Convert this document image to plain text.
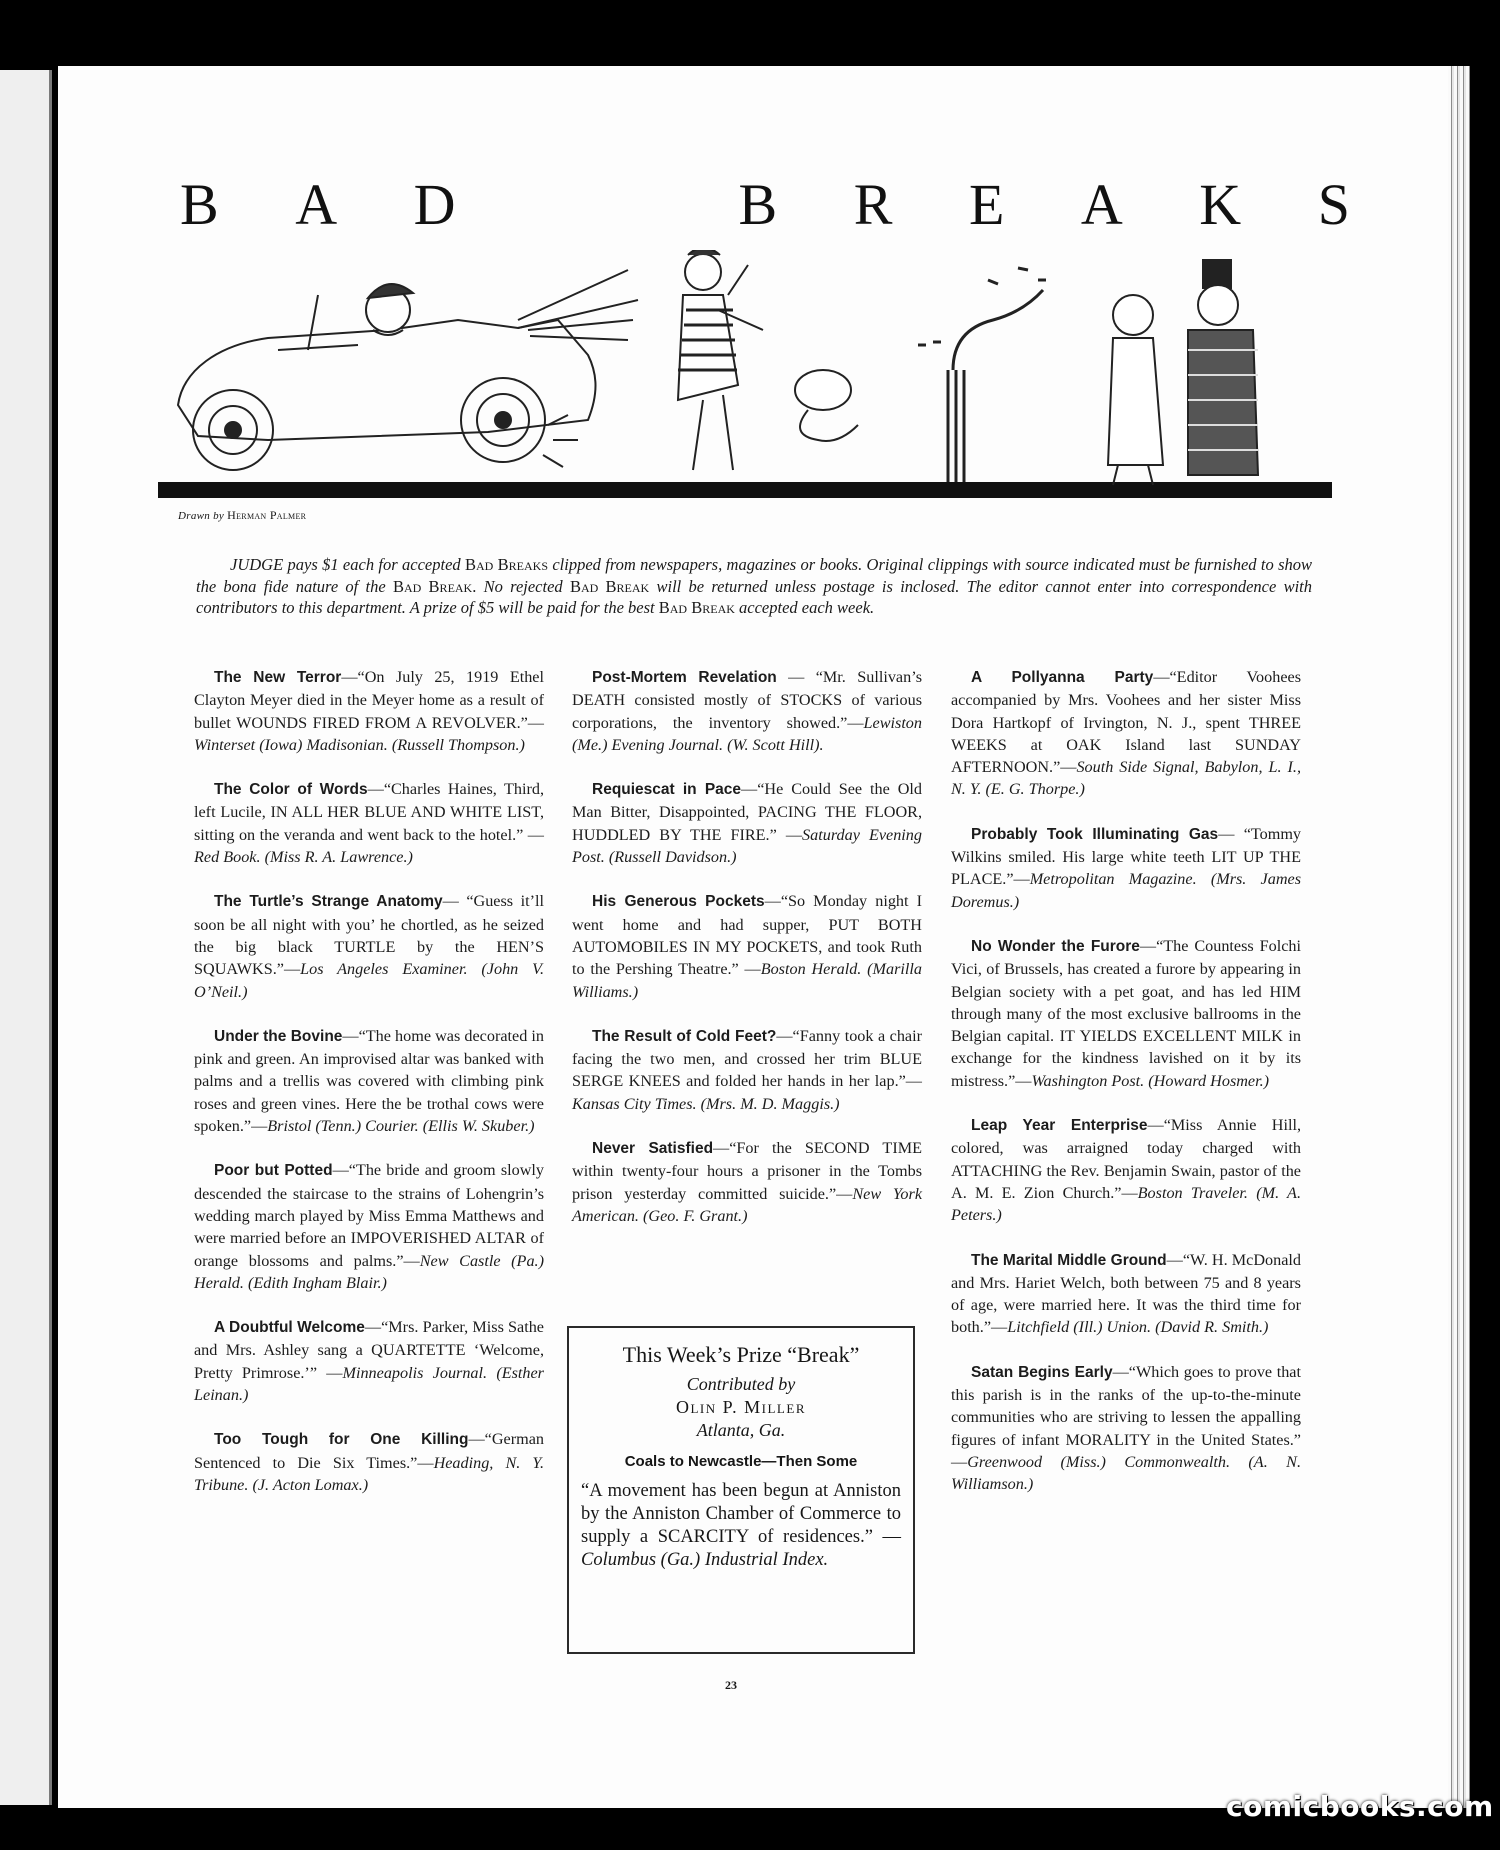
B A D	B R E A K S
Drawn by Herman Palmer

JUDGE pays $1 each for accepted Bad Breaks clipped from newspapers, magazines or books. Original clippings with source indicated must be furnished to show the bona fide nature of the Bad Break. No rejected Bad Break will be returned unless postage is inclosed. The editor cannot enter into correspondence with contributors to this department. A prize of $5 will be paid for the best Bad Break accepted each week.

The New Terror—“On July 25, 1919 Ethel Clayton Meyer died in the Meyer home as a result of bullet WOUNDS FIRED FROM A REVOLVER.”—Winterset (Iowa) Madisonian. (Russell Thompson.)
The Color of Words—“Charles Haines, Third, left Lucile, IN ALL HER BLUE AND WHITE LIST, sitting on the veranda and went back to the hotel.” —Red Book. (Miss R. A. Lawrence.)
The Turtle’s Strange Anatomy— “Guess it’ll soon be all night with you’ he chortled, as he seized the big black TURTLE by the HEN’S SQUAWKS.”—Los Angeles Examiner. (John V. O’Neil.)
Under the Bovine—“The home was decorated in pink and green. An improvised altar was banked with palms and a trellis was covered with climbing pink roses and green vines. Here the be trothal cows were spoken.”—Bristol (Tenn.) Courier. (Ellis W. Skuber.)
Poor but Potted—“The bride and groom slowly descended the staircase to the strains of Lohengrin’s wedding march played by Miss Emma Matthews and were married before an IMPOVERISHED ALTAR of orange blossoms and palms.”—New Castle (Pa.) Herald. (Edith Ingham Blair.)
A Doubtful Welcome—“Mrs. Parker, Miss Sathe and Mrs. Ashley sang a QUARTETTE ‘Welcome, Pretty Primrose.’” —Minneapolis Journal. (Esther Leinan.)
Too Tough for One Killing—“German Sentenced to Die Six Times.”—Heading, N. Y. Tribune. (J. Acton Lomax.)
Post-Mortem Revelation — “Mr. Sullivan’s DEATH consisted mostly of STOCKS of various corporations, the inventory showed.”—Lewiston (Me.) Evening Journal. (W. Scott Hill).
Requiescat in Pace—“He Could See the Old Man Bitter, Disappointed, PACING THE FLOOR, HUDDLED BY THE FIRE.” —Saturday Evening Post. (Russell Davidson.)
His Generous Pockets—“So Monday night I went home and had supper, PUT BOTH AUTOMOBILES IN MY POCKETS, and took Ruth to the Pershing Theatre.” —Boston Herald. (Marilla Williams.)
The Result of Cold Feet?—“Fanny took a chair facing the two men, and crossed her trim BLUE SERGE KNEES and folded her hands in her lap.”—Kansas City Times. (Mrs. M. D. Maggis.)
Never Satisfied—“For the SECOND TIME within twenty-four hours a prisoner in the Tombs prison yesterday committed suicide.”—New York American. (Geo. F. Grant.)
This Week’s Prize “Break”
Contributed by
Olin P. Miller
Atlanta, Ga.
Coals to Newcastle—Then Some
“A movement has been begun at Anniston by the Anniston Chamber of Commerce to supply a SCARCITY of residences.” —Columbus (Ga.) Industrial Index.
A Pollyanna Party—“Editor Voohees accompanied by Mrs. Voohees and her sister Miss Dora Hartkopf of Irvington, N. J., spent THREE WEEKS at OAK Island last SUNDAY AFTERNOON.”—South Side Signal, Babylon, L. I., N. Y. (E. G. Thorpe.)
Probably Took Illuminating Gas— “Tommy Wilkins smiled. His large white teeth LIT UP THE PLACE.”—Metropolitan Magazine. (Mrs. James Doremus.)
No Wonder the Furore—“The Countess Folchi Vici, of Brussels, has created a furore by appearing in Belgian society with a pet goat, and has led HIM through many of the most exclusive ballrooms in the Belgian capital. IT YIELDS EXCELLENT MILK in exchange for the kindness lavished on it by its mistress.”—Washington Post. (Howard Hosmer.)
Leap Year Enterprise—“Miss Annie Hill, colored, was arraigned today charged with ATTACHING the Rev. Benjamin Swain, pastor of the A. M. E. Zion Church.”—Boston Traveler. (M. A. Peters.)
The Marital Middle Ground—“W. H. McDonald and Mrs. Hariet Welch, both between 75 and 8 years of age, were married here. It was the third time for both.”—Litchfield (Ill.) Union. (David R. Smith.)
Satan Begins Early—“Which goes to prove that this parish is in the ranks of the up-to-the-minute communities who are striving to lessen the appalling figures of infant MORALITY in the United States.” —Greenwood (Miss.) Commonwealth. (A. N. Williamson.)
23
comicbooks.com
